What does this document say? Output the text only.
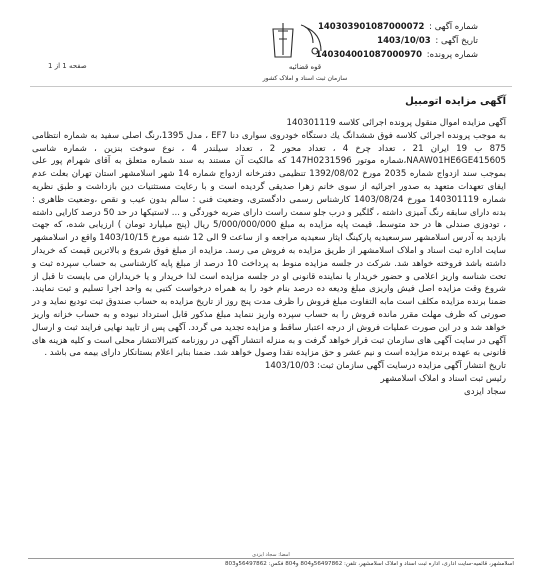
شماره آگهی : 140303901087000072
تاریخ آگهی : 1403/10/03
شماره پرونده: 140304001087000970
قوه قضائیه
سازمان ثبت اسناد و املاک کشور
صفحه 1 از 1
آگهی مزایده اتومبیل

آگهی مزایده اموال منقول پرونده اجرائی کلاسه 140301119

به موجب پرونده اجرائی کلاسه فوق ششدانگ یك دستگاه خودروی سواری دنا EF7 ، مدل 1395،رنگ اصلی سفید به شماره انتظامی 875 ب 19 ایران 21 ، تعداد چرخ 4 ، تعداد محور 2 ، تعداد سیلندر 4 ، نوع سوخت بنزین ، شماره شاسی NAAW01HE6GE415605،شماره موتور 147H0231596 که مالکیت آن مستند به سند شماره متعلق به آقای شهرام پور علی بموجب سند ازدواج شماره 2035 مورخ 1392/08/02 تنظیمی دفترخانه ازدواج شماره 14 شهر اسلامشهر استان تهران بعلت عدم ایفای تعهدات متعهد به صدور اجرائیه از سوی خانم زهرا صدیقی گردیده است و با رعایت مستثنیات دین بازداشت و طبق نظریه شماره 140301119 مورخ 1403/08/24 کارشناس رسمی دادگستری، وضعیت فنی : سالم بدون عیب و نقص ،وضعیت ظاهری : بدنه دارای سابقه رنگ آمیزی داشته ، گلگیر و درب جلو سمت راست دارای ضربه خوردگی و ... لاستیکها در حد 50 درصد کارایی داشته ، تودوزی صندلی ها در حد متوسط. قیمت پایه مزایده به مبلغ 5/000/000/000 ریال (پنج میلیارد تومان ) ارزیابی شده، که جهت بازدید به آدرس اسلامشهر سرسعیدیه پارکینگ ایثار سعیدیه مراجعه و از ساعت 9 الی 12 شنبه مورخ 1403/10/15 واقع در اسلامشهر سایت اداره ثبت اسناد و املاک اسلامشهر از طریق مزایده به فروش می رسد. مزایده از مبلغ فوق شروع و بالاترین قیمت که خریدار داشته باشد فروخته خواهد شد. شرکت در جلسه مزایده منوط به پرداخت 10 درصد از مبلغ پایه کارشناسی به حساب سپرده ثبت و تحت شناسه واریز اعلامی و حضور خریدار یا نماینده قانونی او در جلسه مزایده است لذا خریدار و یا خریداران می بایست تا قبل از شروع وقت مزایده اصل فیش واریزی مبلغ ودیعه ده درصد بنام خود را به همراه درخواست کتبی به واحد اجرا تسلیم و ثبت نمایند. ضمنا برنده مزایده مکلف است مابه التفاوت مبلغ فروش را ظرف مدت پنج روز از تاریخ مزایده به حساب صندوق ثبت تودیع نماید و در صورتی که ظرف مهلت مقرر مانده فروش را به حساب سپرده واریز ننماید مبلغ مذکور قابل استرداد نبوده و به حساب خزانه واریز خواهد شد و در این صورت عملیات فروش از درجه اعتبار ساقط و مزایده تجدید می گردد. آگهی پس از تایید نهایی فرایند ثبت و ارسال آگهی در سایت آگهی های سازمان ثبت قرار خواهد گرفت و به منزله انتشار آگهی در روزنامه کثیرالانتشار محلی است و کلیه هزینه های قانونی به عهده برنده مزایده است و نیم عشر و حق مزایده نقدا وصول خواهد شد. ضمنا بنابر اعلام بستانکار دارای بیمه می باشد .

تاریخ انتشار آگهی مزایده درسایت آگهی سازمان ثبت: 1403/10/03

رئیس ثبت اسناد و املاک اسلامشهر

سجاد ایزدی

امضا: سجاد ایزدی
اسلامشهر، قائمیه-سایت اداری، اداره ثبت اسناد و املاک اسلامشهر، تلفن: 56497862و804 و804 فکس: 56497862و803
